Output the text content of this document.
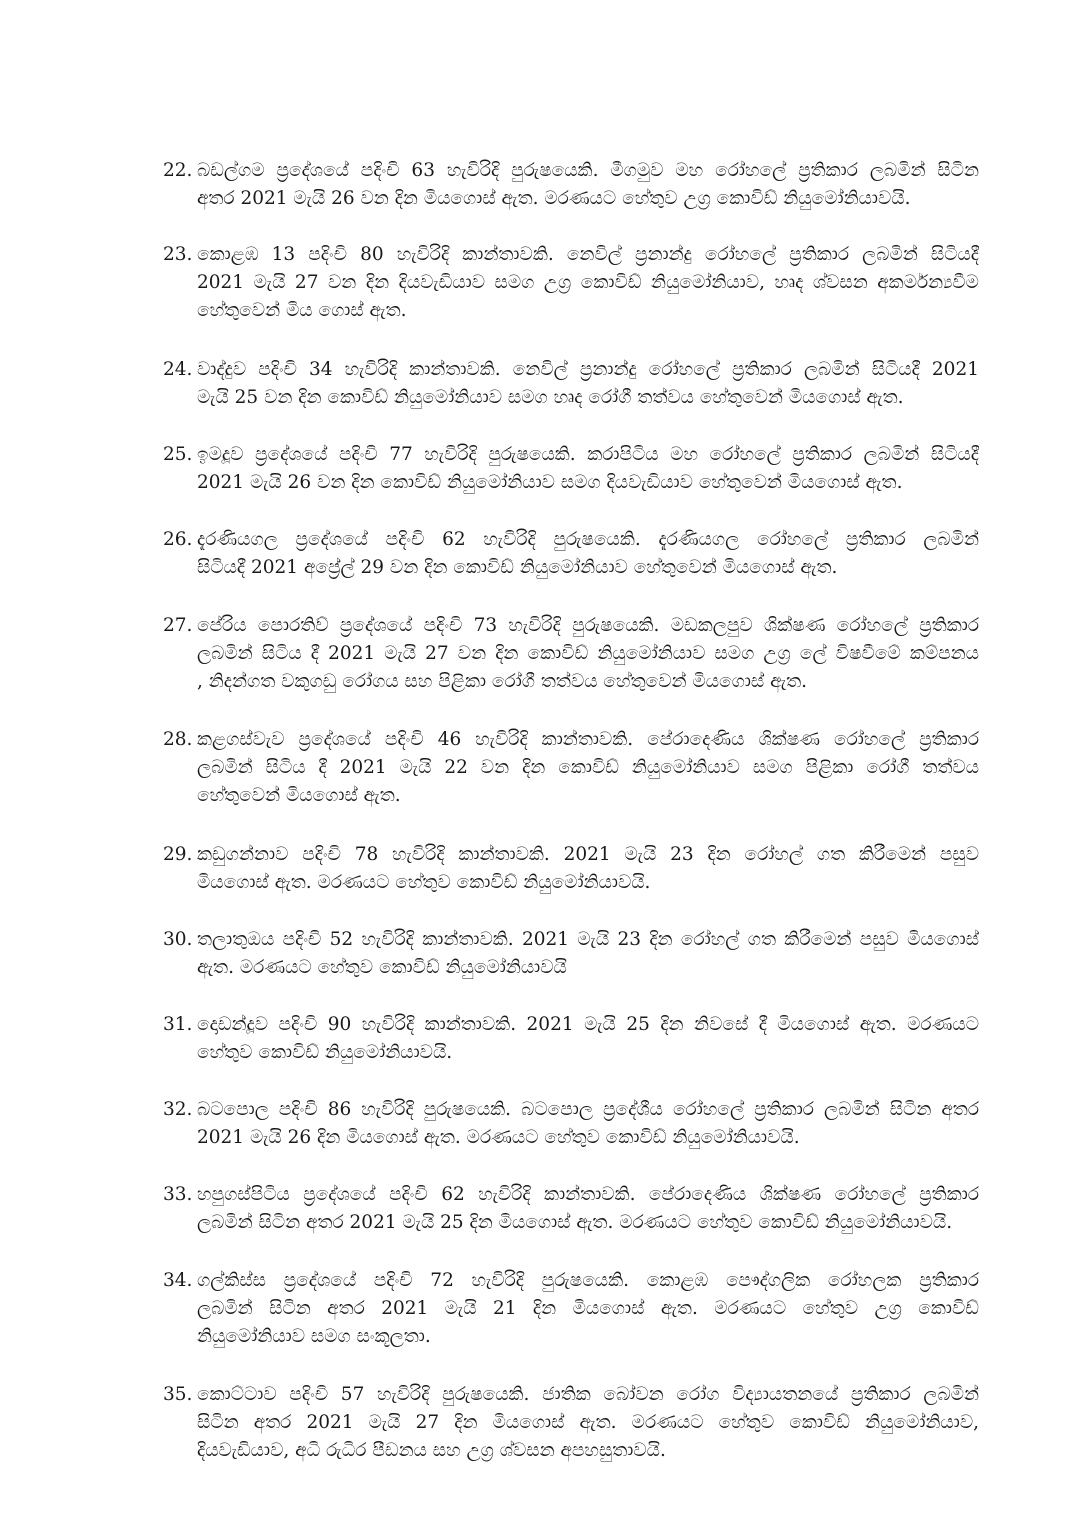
22. බඩල්ගම ප්‍රදේශයේ පදිංචි 63 හැවිරිදි පුරුෂයෙකි. මීගමුව මහ රෝහලේ ප්‍රතිකාර ලබමින් සිටින
අතර 2021 මැයි 26 වන දින මියගොස් ඇත. මරණයට හේතුව උග්‍ර කොවිඩ් නියුමෝනියාවයි.
23. කොළඹ 13 පදිංචි 80 හැවිරිදි කාන්තාවකි. නෙවිල් ප්‍රනාන්දු රෝහලේ ප්‍රතිකාර ලබමින් සිටියදී
2021 මැයි 27 වන දින දියවැඩියාව සමග උග්‍ර කොවිඩ් නියුමෝනියාව, හෘද ශ්වසන අකර්මන්‍යවීම
හේතුවෙන් මිය ගොස් ඇත.
24. වාද්දුව පදිංචි 34 හැවිරිදි කාන්තාවකි. නෙවිල් ප්‍රනාන්දු රෝහලේ ප්‍රතිකාර ලබමින් සිටියදී 2021
මැයි 25 වන දින කොවිඩ් නියුමෝනියාව සමග හෘද රෝගී තත්වය හේතුවෙන් මියගොස් ඇත.
25. ඉමදූව ප්‍රදේශයේ පදිංචි 77 හැවිරිදි පුරුෂයෙකි. කරාපිටිය මහ රෝහලේ ප්‍රතිකාර ලබමින් සිටියදී
2021 මැයි 26 වන දින කොවිඩ් නියුමෝනියාව සමග දියවැඩියාව හේතුවෙන් මියගොස් ඇත.
26. දැරණියගල ප්‍රදේශයේ පදිංචි 62 හැවිරිදි පුරුෂයෙකි. දැරණියගල රෝහලේ ප්‍රතිකාර ලබමින්
සිටියදී 2021 අප්‍රේල් 29 වන දින කොවිඩ් නියුමෝනියාව හේතුවෙන් මියගොස් ඇත.
27. පේරිය පොරතිව් ප්‍රදේශයේ පදිංචි 73 හැවිරිදි පුරුෂයෙකි. මඩකලපුව ශික්ෂණ රෝහලේ ප්‍රතිකාර
ලබමින් සිටිය දී 2021 මැයි 27 වන දින කොවිඩ් නියුමෝනියාව සමග උග්‍ර ලේ විෂවීමේ කම්පනය
, නිදන්ගත වකුගඩු රෝගය සහ පිළිකා රෝගී තත්වය හේතුවෙන් මියගොස් ඇත.
28. කළගස්වැව ප්‍රදේශයේ පදිංචි 46 හැවිරිදි කාන්තාවකි. පේරාදෙණිය ශික්ෂණ රෝහලේ ප්‍රතිකාර
ලබමින් සිටිය දී 2021 මැයි 22 වන දින කොවිඩ් නියුමෝනියාව සමග පිළිකා රෝගී තත්වය
හේතුවෙන් මියගොස් ඇත.
29. කඩුගන්නාව පදිංචි 78 හැවිරිදි කාන්තාවකි. 2021 මැයි 23 දින රෝහල් ගත කිරීමෙන් පසුව
මියගොස් ඇත. මරණයට හේතුව කොවිඩ් නියුමෝනියාවයි.
30. තලාතුඔය පදිංචි 52 හැවිරිදි කාන්තාවකි. 2021 මැයි 23 දින රෝහල් ගත කිරීමෙන් පසුව මියගොස්
ඇත. මරණයට හේතුව කොවිඩ් නියුමෝනියාවයි
31. දොඩන්දූව පදිංචි 90 හැවිරිදි කාන්තාවකි. 2021 මැයි 25 දින නිවසේ දී මියගොස් ඇත. මරණයට
හේතුව කොවිඩ් නියුමෝනියාවයි.
32. බටපොල පදිංචි 86 හැවිරිදි පුරුෂයෙකි. බටපොල ප්‍රදේශීය රෝහලේ ප්‍රතිකාර ලබමින් සිටින අතර
2021 මැයි 26 දින මියගොස් ඇත. මරණයට හේතුව කොවිඩ් නියුමෝනියාවයි.
33. හපුගස්පිටිය ප්‍රදේශයේ පදිංචි 62 හැවිරිදි කාන්තාවකි. පේරාදෙණිය ශික්ෂණ රෝහලේ ප්‍රතිකාර
ලබමින් සිටින අතර 2021 මැයි 25 දින මියගොස් ඇත. මරණයට හේතුව කොවිඩ් නියුමෝනියාවයි.
34. ගල්කිස්ස ප්‍රදේශයේ පදිංචි 72 හැවිරිදි පුරුෂයෙකි. කොළඹ පෞද්ගලික රෝහලක ප්‍රතිකාර
ලබමින් සිටින අතර 2021 මැයි 21 දින මියගොස් ඇත. මරණයට හේතුව උග්‍ර කොවිඩ්
නියුමෝනියාව සමග සංකූලතා.
35. කොට්ටාව පදිංචි 57 හැවිරිදි පුරුෂයෙකි. ජාතික බෝවන රෝග විද්‍යායතනයේ ප්‍රතිකාර ලබමින්
සිටින අතර 2021 මැයි 27 දින මියගොස් ඇත. මරණයට හේතුව කොවිඩ් නියුමෝනියාව,
දියවැඩියාව, අධි රුධිර පීඩනය සහ උග්‍ර ශ්වසන අපහසුතාවයි.
